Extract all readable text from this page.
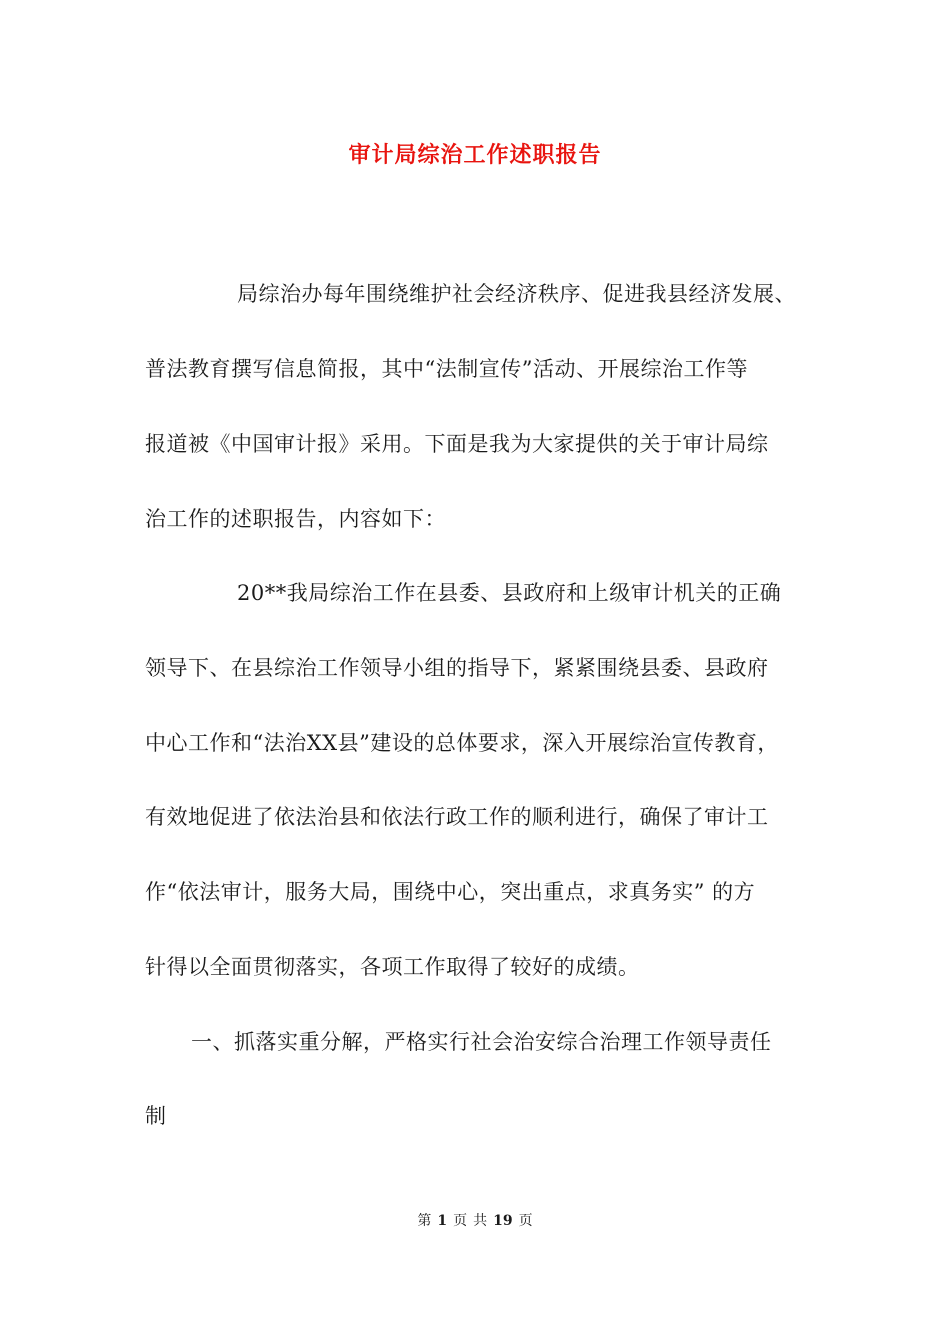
审计局综治工作述职报告
局综治办每年围绕维护社会经济秩序、促进我县经济发展、
普法教育撰写信息简报，其中“法制宣传”活动、开展综治工作等
报道被《中国审计报》采用。下面是我为大家提供的关于审计局综
治工作的述职报告，内容如下：
20**我局综治工作在县委、县政府和上级审计机关的正确
领导下、在县综治工作领导小组的指导下，紧紧围绕县委、县政府
中心工作和“法治XX县”建设的总体要求，深入开展综治宣传教育，
有效地促进了依法治县和依法行政工作的顺利进行，确保了审计工
作“依法审计，服务大局，围绕中心，突出重点，求真务实” 的方
针得以全面贯彻落实，各项工作取得了较好的成绩。
一、抓落实重分解，严格实行社会治安综合治理工作领导责任
制
第 1 页 共 19 页
